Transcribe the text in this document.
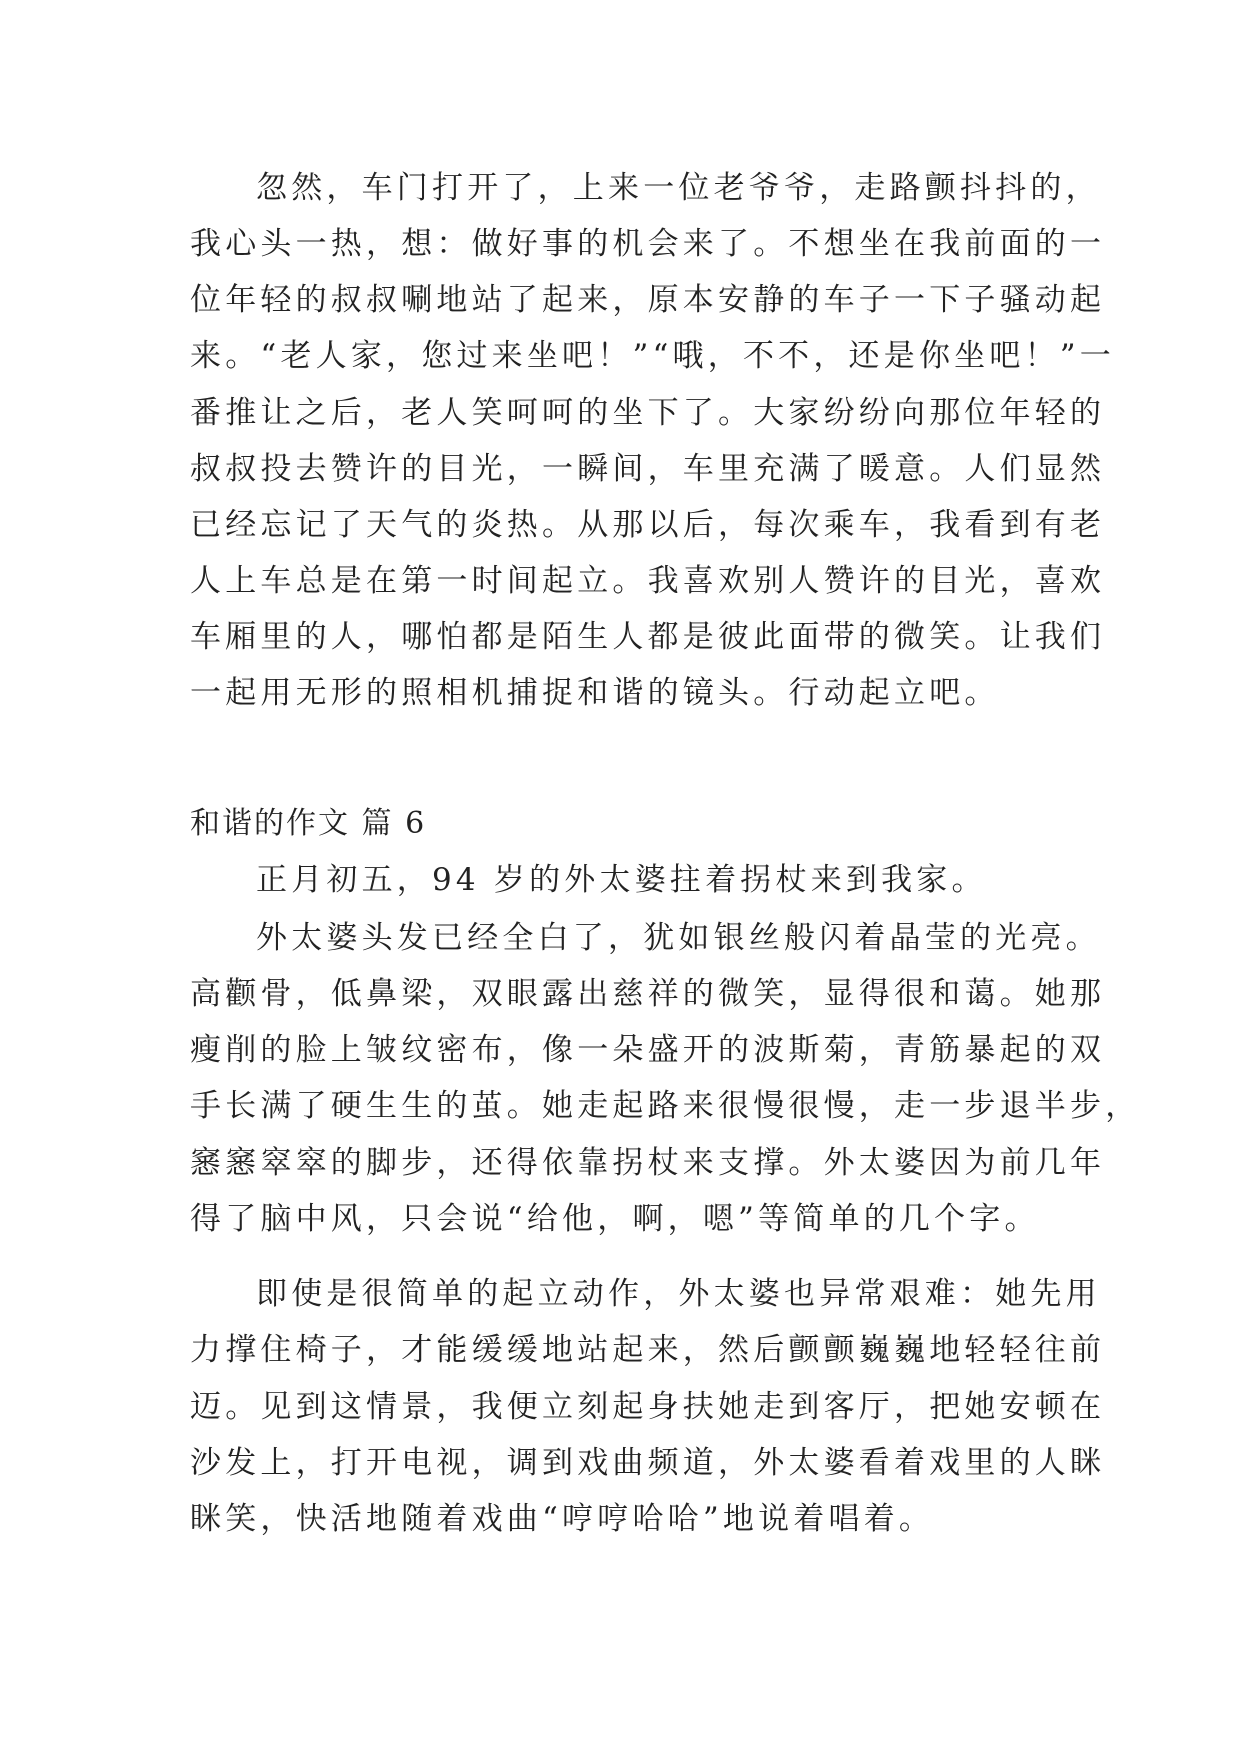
忽然，车门打开了，上来一位老爷爷，走路颤抖抖的，
我心头一热，想：做好事的机会来了。不想坐在我前面的一
位年轻的叔叔唰地站了起来，原本安静的车子一下子骚动起
来。“老人家，您过来坐吧！”“哦，不不，还是你坐吧！”一
番推让之后，老人笑呵呵的坐下了。大家纷纷向那位年轻的
叔叔投去赞许的目光，一瞬间，车里充满了暖意。人们显然
已经忘记了天气的炎热。从那以后，每次乘车，我看到有老
人上车总是在第一时间起立。我喜欢别人赞许的目光，喜欢
车厢里的人，哪怕都是陌生人都是彼此面带的微笑。让我们
一起用无形的照相机捕捉和谐的镜头。行动起立吧。
和谐的作文 篇 6
正月初五，94 岁的外太婆拄着拐杖来到我家。
外太婆头发已经全白了，犹如银丝般闪着晶莹的光亮。
高颧骨，低鼻梁，双眼露出慈祥的微笑，显得很和蔼。她那
瘦削的脸上皱纹密布，像一朵盛开的波斯菊，青筋暴起的双
手长满了硬生生的茧。她走起路来很慢很慢，走一步退半步，
窸窸窣窣的脚步，还得依靠拐杖来支撑。外太婆因为前几年
得了脑中风，只会说“给他，啊，嗯”等简单的几个字。
即使是很简单的起立动作，外太婆也异常艰难：她先用
力撑住椅子，才能缓缓地站起来，然后颤颤巍巍地轻轻往前
迈。见到这情景，我便立刻起身扶她走到客厅，把她安顿在
沙发上，打开电视，调到戏曲频道，外太婆看着戏里的人眯
眯笑，快活地随着戏曲“哼哼哈哈”地说着唱着。
